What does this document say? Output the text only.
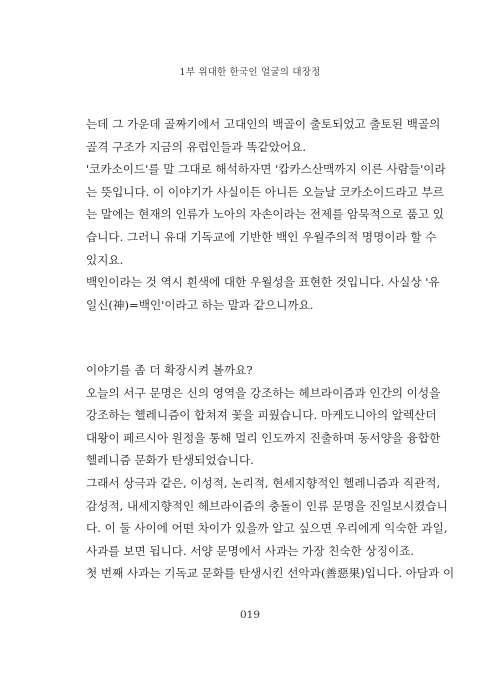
1부 위대한 한국인 얼굴의 대장정
는데 그 가운데 골짜기에서 고대인의 백골이 출토되었고 출토된 백골의
골격 구조가 지금의 유럽인들과 똑같았어요.
'코카소이드'를 말 그대로 해석하자면 '캅카스산맥까지 이른 사람들'이라
는 뜻입니다. 이 이야기가 사실이든 아니든 오늘날 코카소이드라고 부르
는 말에는 현재의 인류가 노아의 자손이라는 전제를 암묵적으로 품고 있
습니다. 그러니 유대 기독교에 기반한 백인 우월주의적 명명이라 할 수
있지요.
백인이라는 것 역시 흰색에 대한 우월성을 표현한 것입니다. 사실상 '유
일신(神)=백인'이라고 하는 말과 같으니까요.
이야기를 좀 더 확장시켜 볼까요?
오늘의 서구 문명은 신의 영역을 강조하는 헤브라이즘과 인간의 이성을
강조하는 헬레니즘이 합쳐져 꽃을 피웠습니다. 마케도니아의 알렉산더
대왕이 페르시아 원정을 통해 멀리 인도까지 진출하며 동서양을 융합한
헬레니즘 문화가 탄생되었습니다.
그래서 상극과 같은, 이성적, 논리적, 현세지향적인 헬레니즘과 직관적,
감성적, 내세지향적인 헤브라이즘의 충돌이 인류 문명을 진일보시켰습니
다. 이 둘 사이에 어떤 차이가 있을까 알고 싶으면 우리에게 익숙한 과일,
사과를 보면 됩니다. 서양 문명에서 사과는 가장 친숙한 상징이죠.
첫 번째 사과는 기독교 문화를 탄생시킨 선악과(善惡果)입니다. 아담과 이
019
